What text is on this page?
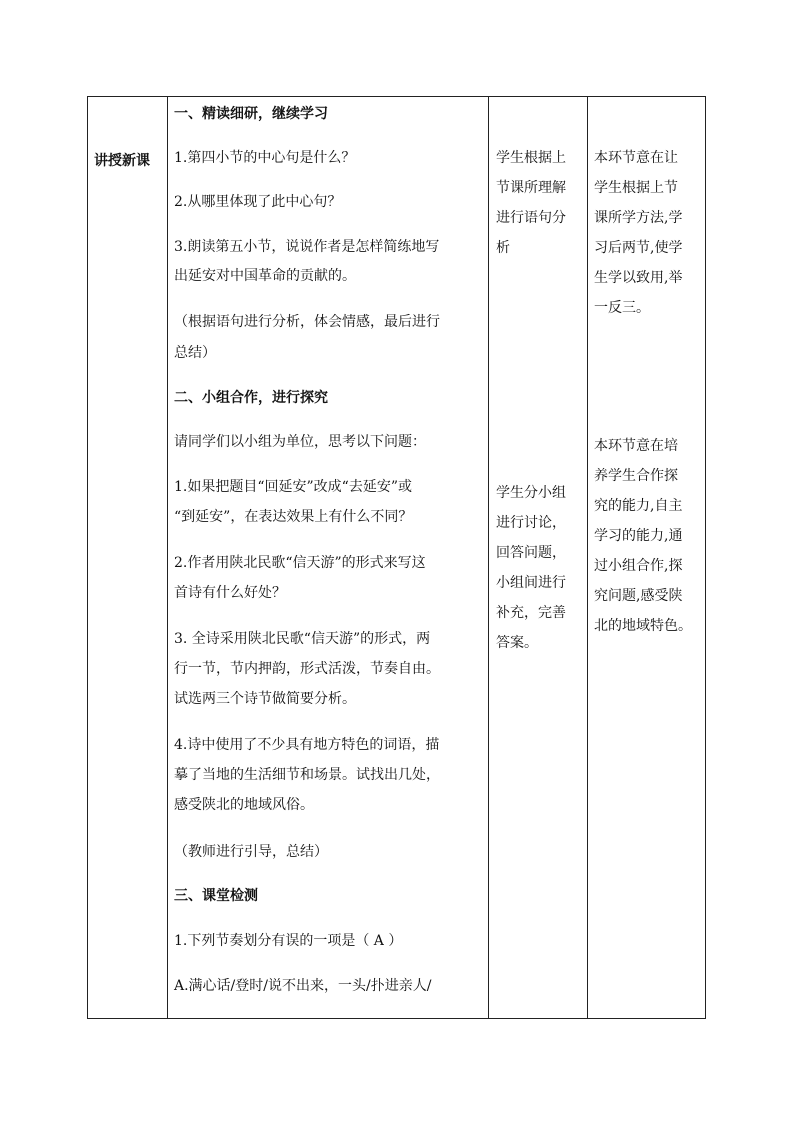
讲授新课
一、精读细研，继续学习
1.第四小节的中心句是什么？
2.从哪里体现了此中心句？
3.朗读第五小节，说说作者是怎样简练地写
出延安对中国革命的贡献的。
（根据语句进行分析，体会情感，最后进行
总结）
二、小组合作，进行探究
请同学们以小组为单位，思考以下问题：
1.如果把题目“回延安”改成“去延安”或
“到延安”，在表达效果上有什么不同？
2.作者用陕北民歌“信天游”的形式来写这
首诗有什么好处？
3. 全诗采用陕北民歌“信天游”的形式，两
行一节，节内押韵，形式活泼，节奏自由。
试选两三个诗节做简要分析。
4.诗中使用了不少具有地方特色的词语，描
摹了当地的生活细节和场景。试找出几处，
感受陕北的地域风俗。
（教师进行引导，总结）
三、课堂检测
1.下列节奏划分有误的一项是（ A ）
A.满心话/登时/说不出来，一头/扑进亲人/
学生根据上
节课所理解
进行语句分
析
学生分小组
进行讨论，
回答问题，
小组间进行
补充，完善
答案。
本环节意在让
学生根据上节
课所学方法,学
习后两节,使学
生学以致用,举
一反三。
本环节意在培
养学生合作探
究的能力,自主
学习的能力,通
过小组合作,探
究问题,感受陕
北的地域特色。
